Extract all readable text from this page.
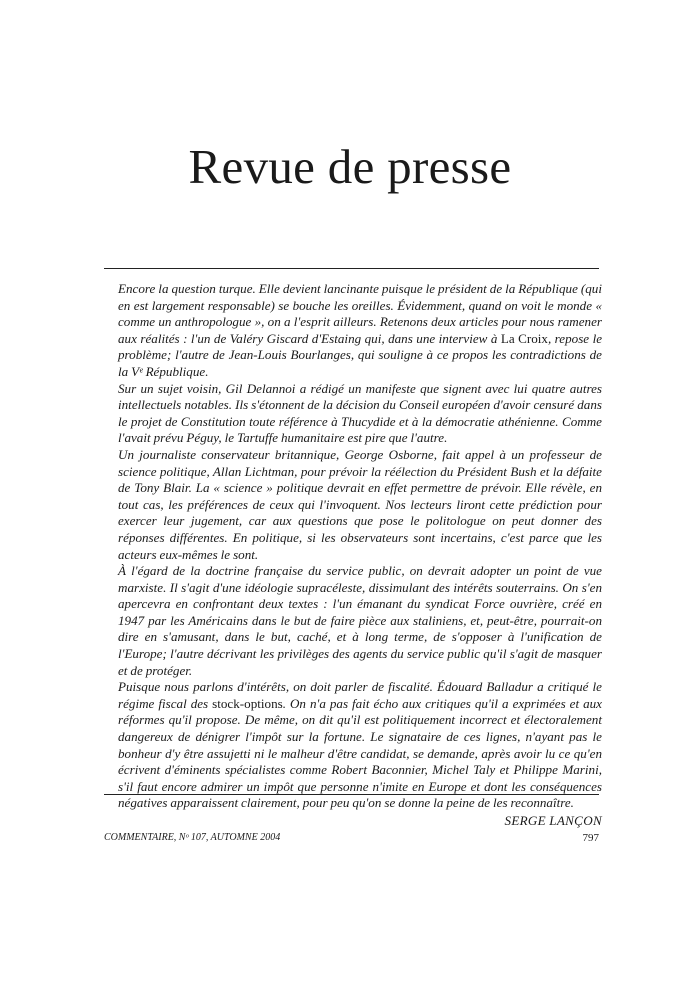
Revue de presse

Encore la question turque. Elle devient lancinante puisque le président de la République (qui en est largement responsable) se bouche les oreilles. Évidemment, quand on voit le monde « comme un anthropologue », on a l'esprit ailleurs. Retenons deux articles pour nous ramener aux réalités : l'un de Valéry Giscard d'Estaing qui, dans une interview à La Croix, repose le problème; l'autre de Jean-Louis Bourlanges, qui souligne à ce propos les contradictions de la Vᵉ République.

Sur un sujet voisin, Gil Delannoi a rédigé un manifeste que signent avec lui quatre autres intellectuels notables. Ils s'étonnent de la décision du Conseil européen d'avoir censuré dans le projet de Constitution toute référence à Thucydide et à la démocratie athénienne. Comme l'avait prévu Péguy, le Tartuffe humanitaire est pire que l'autre.

Un journaliste conservateur britannique, George Osborne, fait appel à un professeur de science politique, Allan Lichtman, pour prévoir la réélection du Président Bush et la défaite de Tony Blair. La « science » politique devrait en effet permettre de prévoir. Elle révèle, en tout cas, les préférences de ceux qui l'invoquent. Nos lecteurs liront cette prédiction pour exercer leur jugement, car aux questions que pose le politologue on peut donner des réponses différentes. En politique, si les observateurs sont incertains, c'est parce que les acteurs eux-mêmes le sont.

À l'égard de la doctrine française du service public, on devrait adopter un point de vue marxiste. Il s'agit d'une idéologie supracéleste, dissimulant des intérêts souterrains. On s'en apercevra en confrontant deux textes : l'un émanant du syndicat Force ouvrière, créé en 1947 par les Américains dans le but de faire pièce aux staliniens, et, peut-être, pourrait-on dire en s'amusant, dans le but, caché, et à long terme, de s'opposer à l'unification de l'Europe; l'autre décrivant les privilèges des agents du service public qu'il s'agit de masquer et de protéger.

Puisque nous parlons d'intérêts, on doit parler de fiscalité. Édouard Balladur a critiqué le régime fiscal des stock-options. On n'a pas fait écho aux critiques qu'il a exprimées et aux réformes qu'il propose. De même, on dit qu'il est politiquement incorrect et électoralement dangereux de dénigrer l'impôt sur la fortune. Le signataire de ces lignes, n'ayant pas le bonheur d'y être assujetti ni le malheur d'être candidat, se demande, après avoir lu ce qu'en écrivent d'éminents spécialistes comme Robert Baconnier, Michel Taly et Philippe Marini, s'il faut encore admirer un impôt que personne n'imite en Europe et dont les conséquences négatives apparaissent clairement, pour peu qu'on se donne la peine de les reconnaître.

SERGE LANÇON
COMMENTAIRE, Nᵒ 107, AUTOMNE 2004	797
